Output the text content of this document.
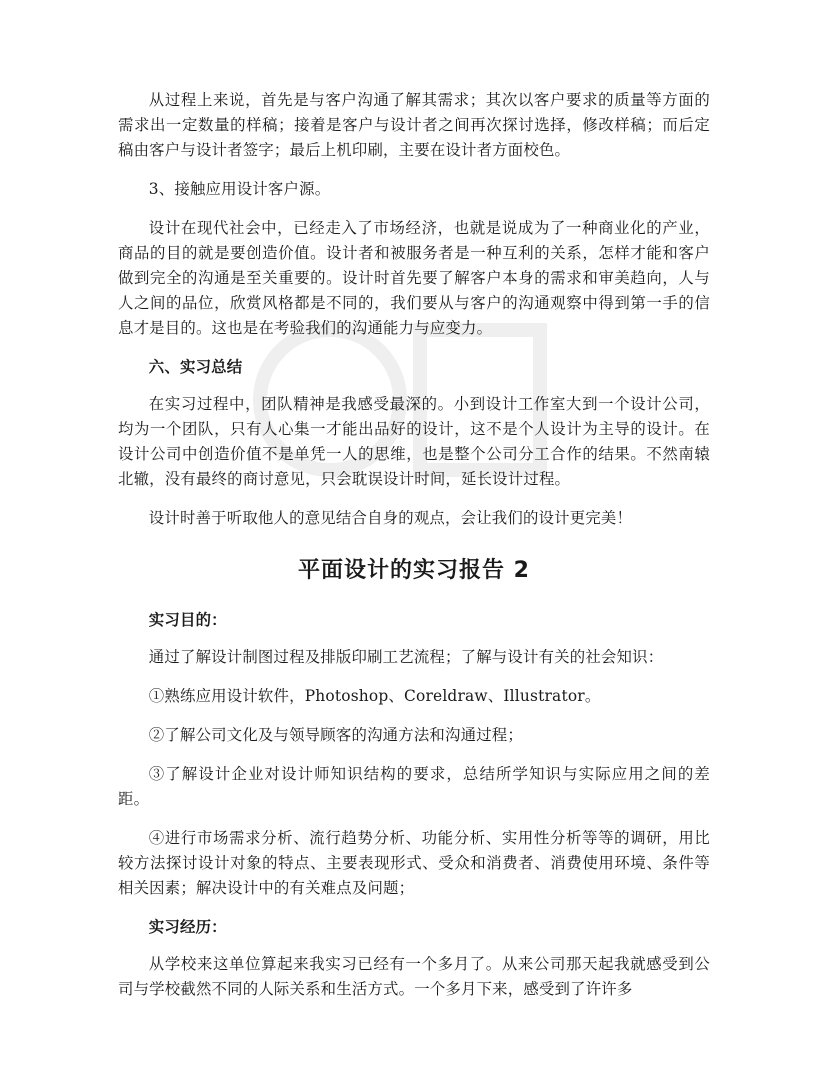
从过程上来说，首先是与客户沟通了解其需求；其次以客户要求的质量等方面的需求出一定数量的样稿；接着是客户与设计者之间再次探讨选择，修改样稿；而后定稿由客户与设计者签字；最后上机印刷，主要在设计者方面校色。

3、接触应用设计客户源。

设计在现代社会中，已经走入了市场经济，也就是说成为了一种商业化的产业，商品的目的就是要创造价值。设计者和被服务者是一种互利的关系，怎样才能和客户做到完全的沟通是至关重要的。设计时首先要了解客户本身的需求和审美趋向，人与人之间的品位，欣赏风格都是不同的，我们要从与客户的沟通观察中得到第一手的信息才是目的。这也是在考验我们的沟通能力与应变力。

六、实习总结

在实习过程中，团队精神是我感受最深的。小到设计工作室大到一个设计公司，均为一个团队，只有人心集一才能出品好的设计，这不是个人设计为主导的设计。在设计公司中创造价值不是单凭一人的思维，也是整个公司分工合作的结果。不然南辕北辙，没有最终的商讨意见，只会耽误设计时间，延长设计过程。

设计时善于听取他人的意见结合自身的观点，会让我们的设计更完美！

平面设计的实习报告 2

实习目的：

通过了解设计制图过程及排版印刷工艺流程；了解与设计有关的社会知识：

①熟练应用设计软件，Photoshop、Coreldraw、Illustrator。

②了解公司文化及与领导顾客的沟通方法和沟通过程；

③了解设计企业对设计师知识结构的要求，总结所学知识与实际应用之间的差距。

④进行市场需求分析、流行趋势分析、功能分析、实用性分析等等的调研，用比较方法探讨设计对象的特点、主要表现形式、受众和消费者、消费使用环境、条件等相关因素；解决设计中的有关难点及问题；

实习经历：

从学校来这单位算起来我实习已经有一个多月了。从来公司那天起我就感受到公司与学校截然不同的人际关系和生活方式。一个多月下来，感受到了许许多
